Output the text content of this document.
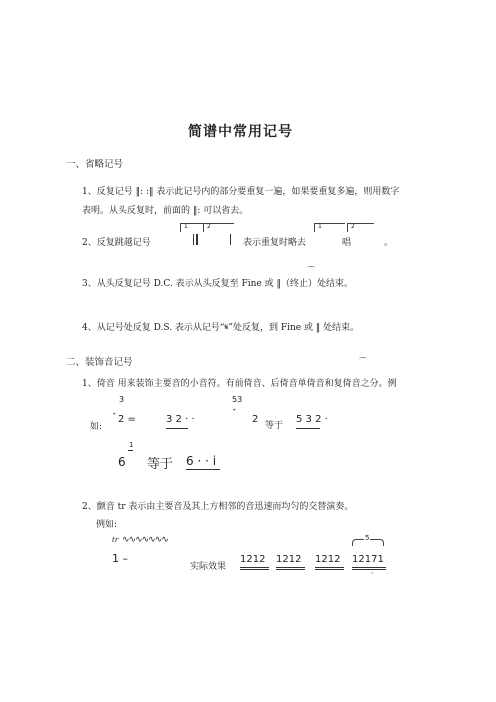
简谱中常用记号
一、省略记号
1、反复记号 ‖: :‖ 表示此记号内的部分要重复一遍，如果要重复多遍，则用数字
表明。从头反复时，前面的 ‖: 可以省去。
2、反复跳越记号
1	2
表示重复时略去
1	2
唱	。
3、从头反复记号 D.C. 表示从头反复至 Fine 或 ‖（终止）处结束。
⌒
4、从记号处反复 D.S. 表示从记号“𝄋”处反复，到 Fine 或 ‖ 处结束。
二、装饰音记号	⌒
1、倚音 用来装饰主要音的小音符。有前倚音、后倚音单倚音和复倚音之分。例
3
如:
ˇ 2 =	3 2 · ·
53
ˇ 2
等于
5 3 2 ·
1
6 等于 6 · · i
2、颤音 tr 表示由主要音及其上方相邻的音迅速而均匀的交替演奏。
例如:
tr ∿∿∿∿∿∿∿
1 –
实际效果
1212 1212 1212
5
12171
·
